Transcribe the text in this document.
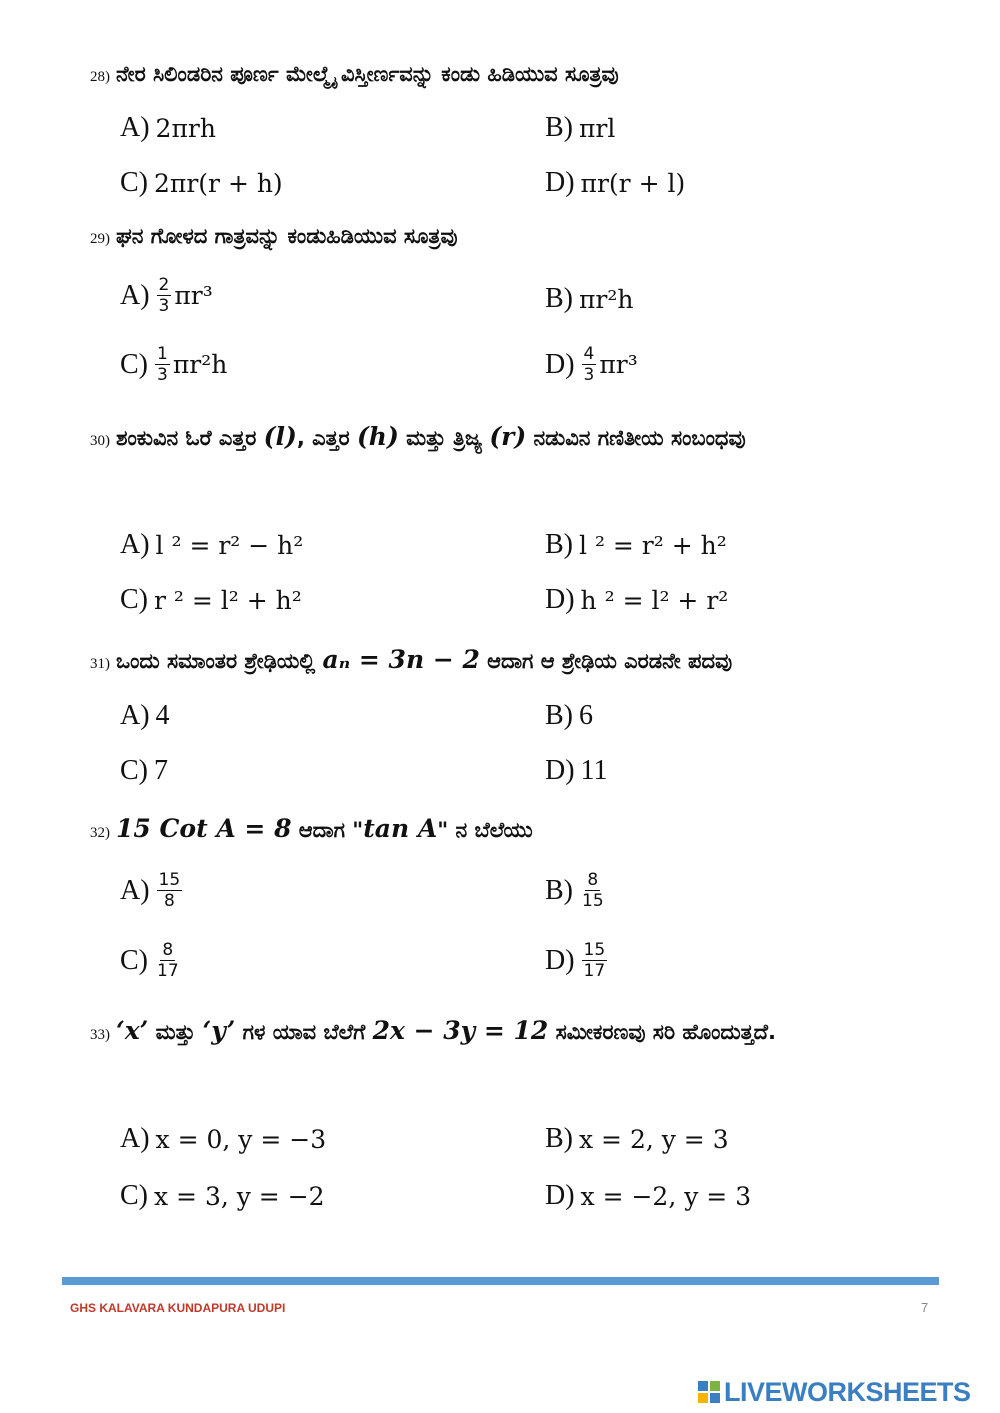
28) ನೇರ ಸಿಲಿಂಡರಿನ ಪೂರ್ಣ ಮೇಲ್ಮೈ ವಿಸ್ತೀರ್ಣವನ್ನು ಕಂಡು ಹಿಡಿಯುವ ಸೂತ್ರವು
A) 2πrh	B) πrl
C) 2πr(r + h)	D) πr(r + l)
29) ಘನ ಗೋಳದ ಗಾತ್ರವನ್ನು ಕಂಡುಹಿಡಿಯುವ ಸೂತ್ರವು
$A) \frac{2}{3} \pi r^3$	B) πr²h
$C) \frac{1}{3} \pi r^2h$	$D) \frac{4}{3} \pi r^3$
30) ಶಂಕುವಿನ ಓರೆ ಎತ್ತರ (l), ಎತ್ತರ (h) ಮತ್ತು ತ್ರಿಜ್ಯ (r) ನಡುವಿನ ಗಣಿತೀಯ ಸಂಬಂಧವು
A) l ² = r² − h²	B) l ² = r² + h²
C) r ² = l² + h²	D) h ² = l² + r²
31) ಒಂದು ಸಮಾಂತರ ಶ್ರೇಢಿಯಲ್ಲಿ aₙ = 3n − 2 ಆದಾಗ ಆ ಶ್ರೇಢಿಯ ಎರಡನೇ ಪದವು
A) 4	B) 6
C) 7	D) 11
32) 15 Cot A = 8 ಆದಾಗ "tan A" ನ ಬೆಲೆಯು
$A) \frac{15}{8}$	$B) \frac{8}{15}$
$C) \frac{8}{17}$	$D) \frac{15}{17}$
33) ‘x’ ಮತ್ತು ‘y’ ಗಳ ಯಾವ ಬೆಲೆಗೆ 2x − 3y = 12 ಸಮೀಕರಣವು ಸರಿ ಹೊಂದುತ್ತದೆ.
A) x = 0, y = −3	B) x = 2, y = 3
C) x = 3, y = −2	D) x = −2, y = 3
GHS KALAVARA KUNDAPURA UDUPI	7
LIVEWORKSHEETS
